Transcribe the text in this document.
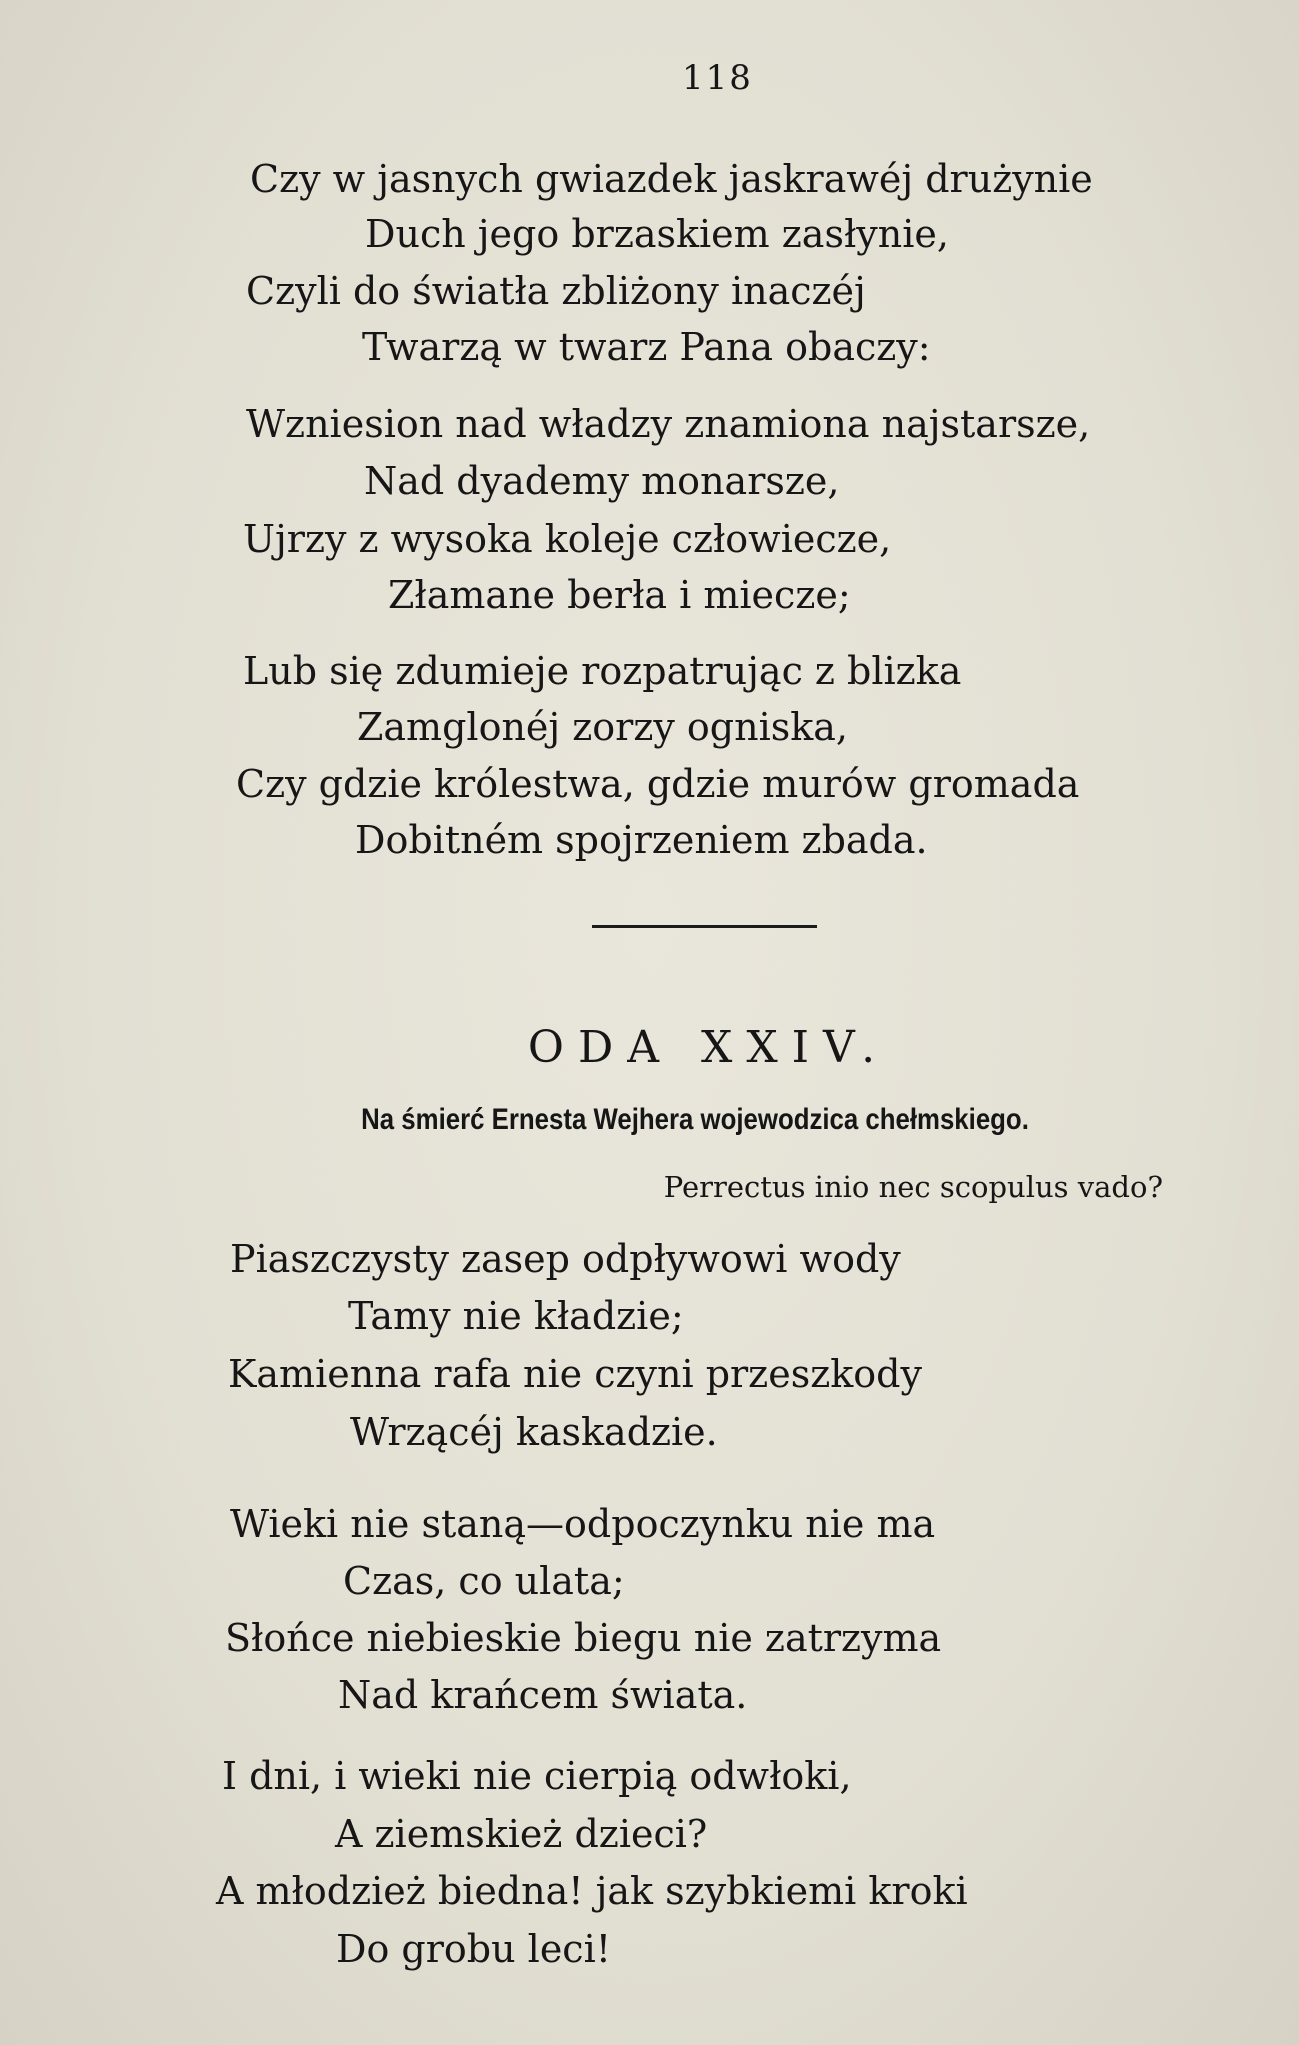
118
Czy w jasnych gwiazdek jaskrawéj drużynie
Duch jego brzaskiem zasłynie,
Czyli do światła zbliżony inaczéj
Twarzą w twarz Pana obaczy:
Wzniesion nad władzy znamiona najstarsze,
Nad dyademy monarsze,
Ujrzy z wysoka koleje człowiecze,
Złamane berła i miecze;
Lub się zdumieje rozpatrując z blizka
Zamglonéj zorzy ogniska,
Czy gdzie królestwa, gdzie murów gromada
Dobitném spojrzeniem zbada.
ODA XXIV.
Na śmierć Ernesta Wejhera wojewodzica chełmskiego.
Perrectus inio nec scopulus vado?
Piaszczysty zasep odpływowi wody
Tamy nie kładzie;
Kamienna rafa nie czyni przeszkody
Wrzącéj kaskadzie.
Wieki nie staną—odpoczynku nie ma
Czas, co ulata;
Słońce niebieskie biegu nie zatrzyma
Nad krańcem świata.
I dni, i wieki nie cierpią odwłoki,
A ziemskież dzieci?
A młodzież biedna! jak szybkiemi kroki
Do grobu leci!
